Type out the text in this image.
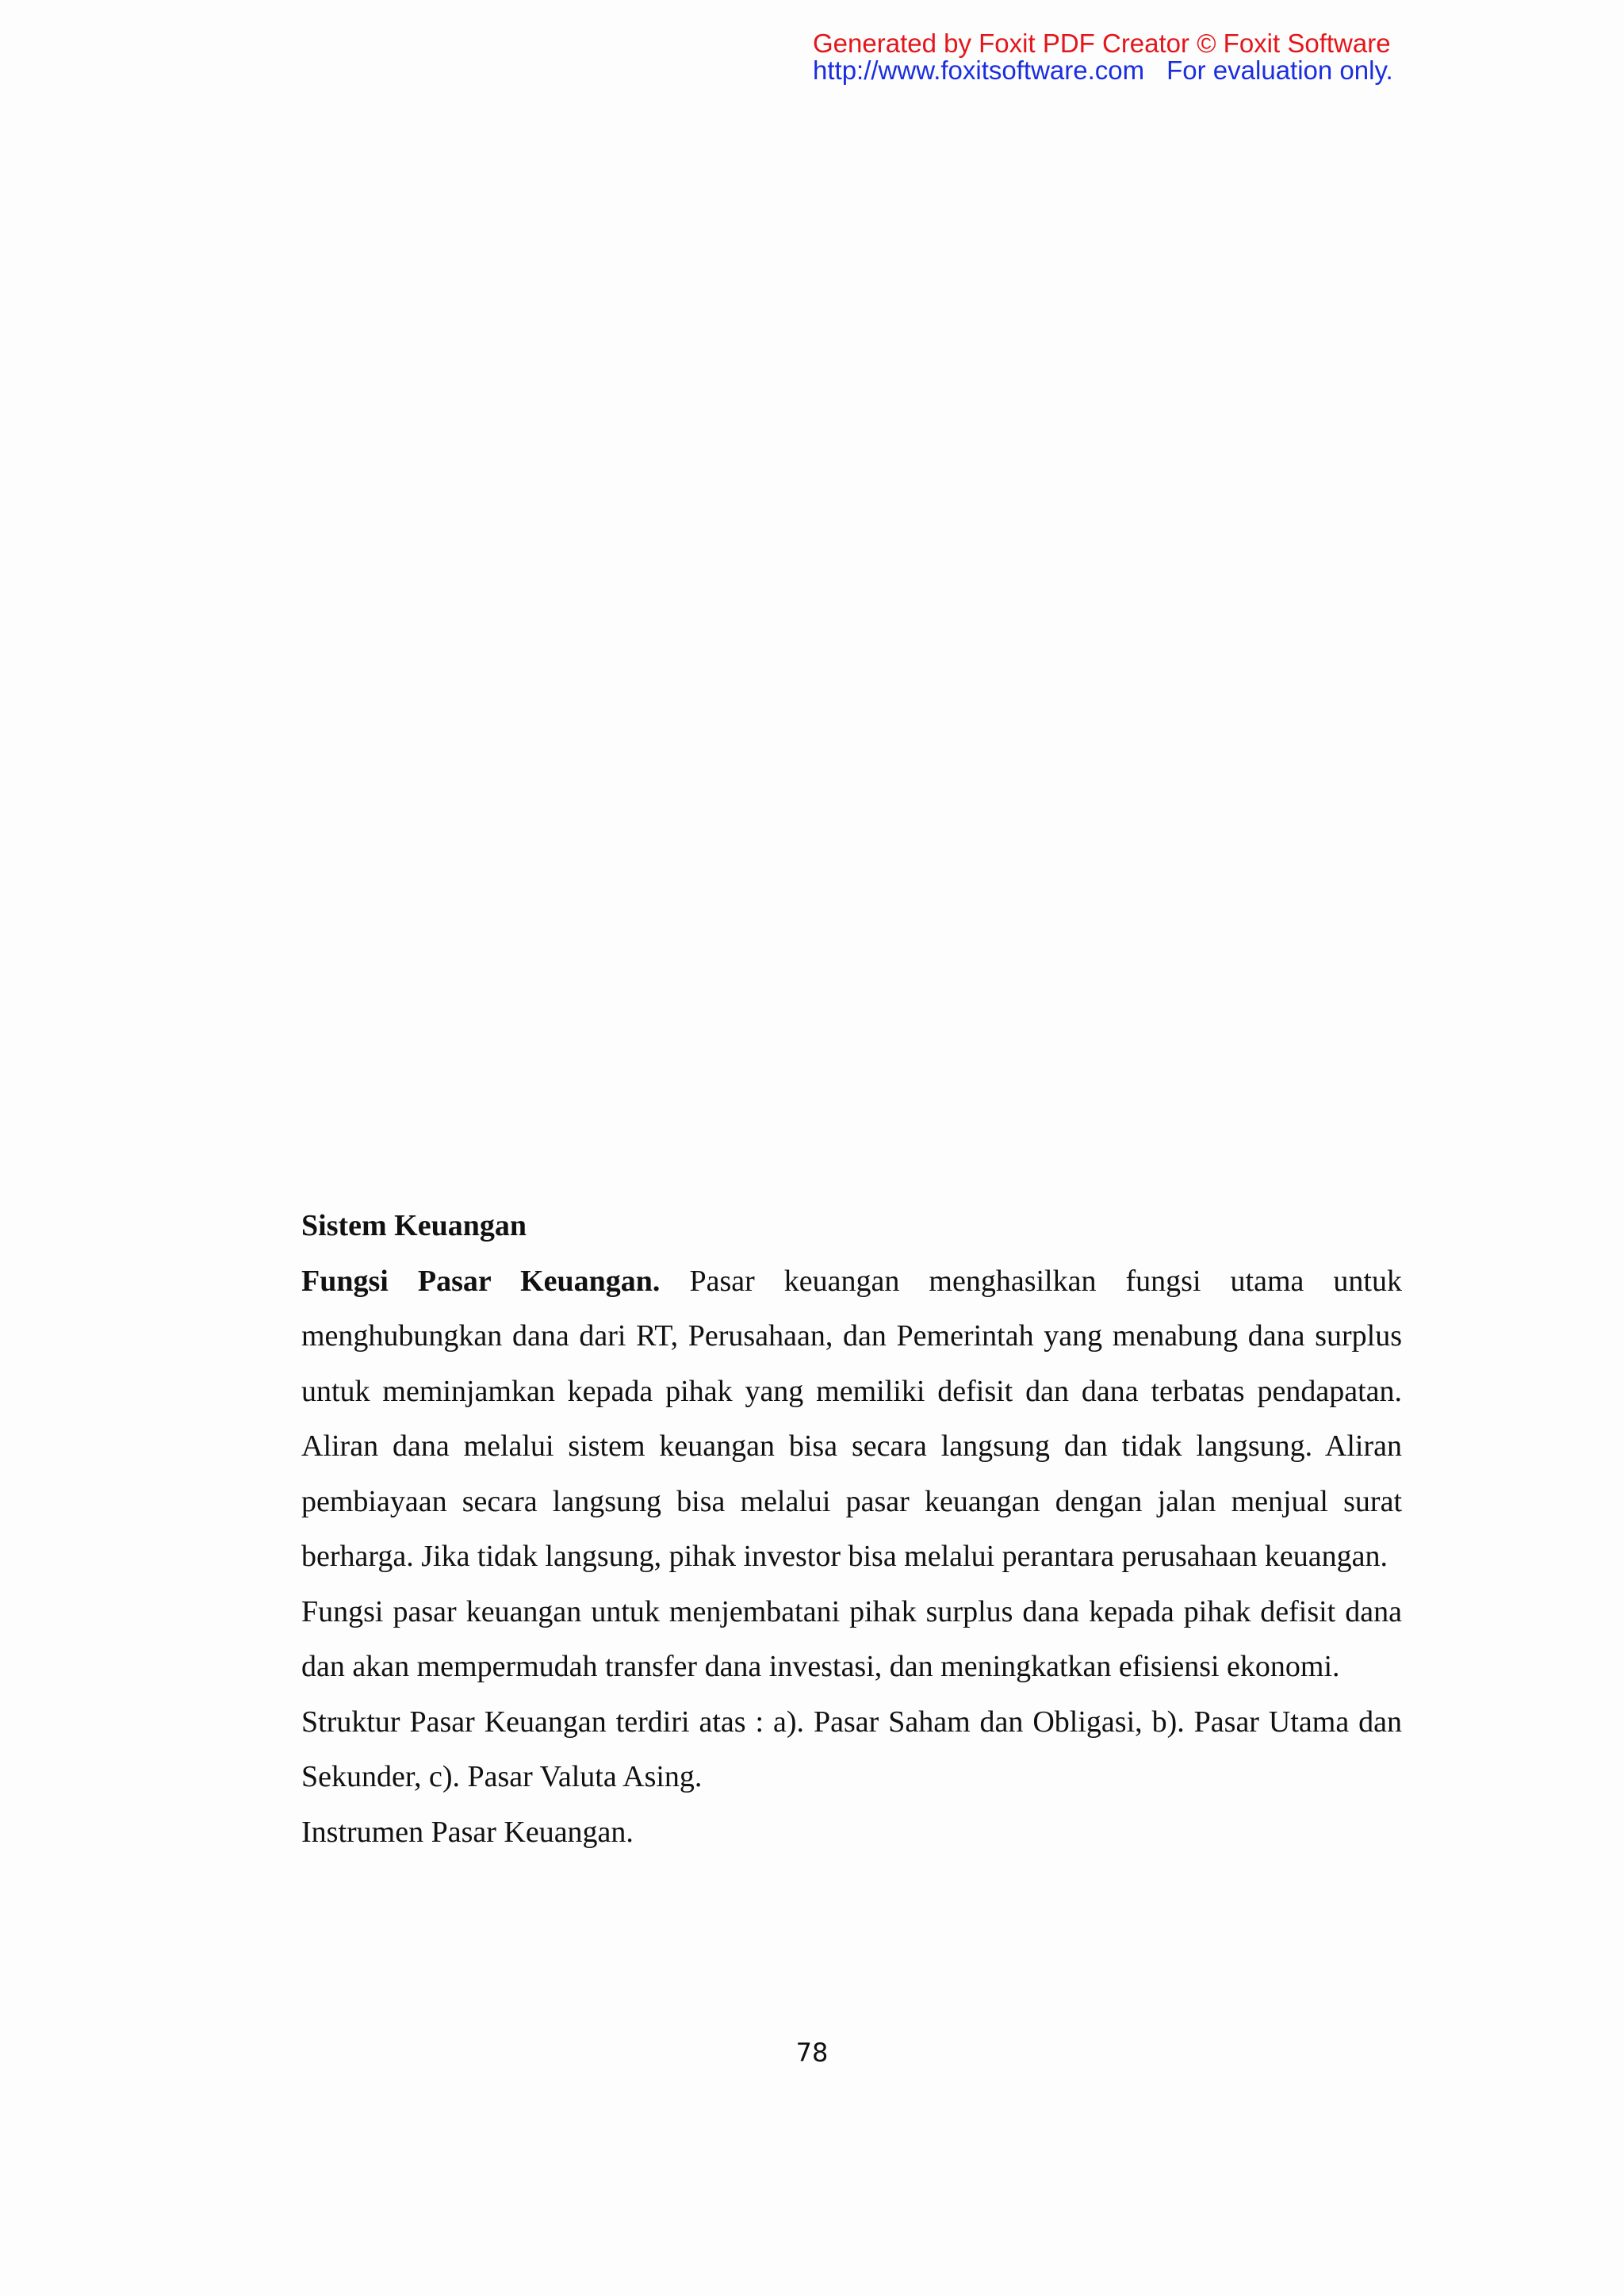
Generated by Foxit PDF Creator © Foxit Software
http://www.foxitsoftware.com For evaluation only.

Sistem Keuangan

Fungsi Pasar Keuangan. Pasar keuangan menghasilkan fungsi utama untuk menghubungkan dana dari RT, Perusahaan, dan Pemerintah yang menabung dana surplus untuk meminjamkan kepada pihak yang memiliki defisit dan dana terbatas pendapatan. Aliran dana melalui sistem keuangan bisa secara langsung dan tidak langsung. Aliran pembiayaan secara langsung bisa melalui pasar keuangan dengan jalan menjual surat berharga. Jika tidak langsung, pihak investor bisa melalui perantara perusahaan keuangan.

Fungsi pasar keuangan untuk menjembatani pihak surplus dana kepada pihak defisit dana dan akan mempermudah transfer dana investasi, dan meningkatkan efisiensi ekonomi.

Struktur Pasar Keuangan terdiri atas : a). Pasar Saham dan Obligasi, b). Pasar Utama dan Sekunder, c). Pasar Valuta Asing.

Instrumen Pasar Keuangan.

78
